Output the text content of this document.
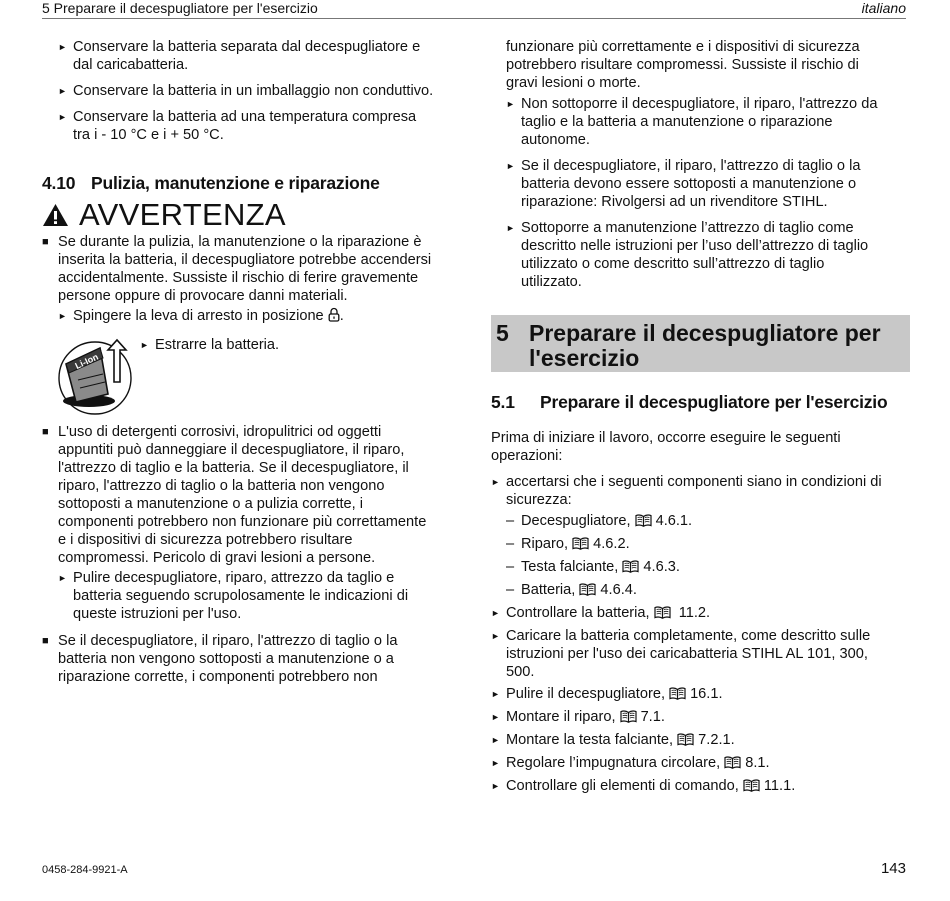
5 Preparare il decespugliatore per l'esercizio	italiano
► Conservare la batteria separata dal decespugliatore e
dal caricabatteria.
► Conservare la batteria in un imballaggio non conduttivo.
► Conservare la batteria ad una temperatura compresa
tra i - 10 °C e i + 50 °C.
4.10 Pulizia, manutenzione e riparazione
AVVERTENZA
■ Se durante la pulizia, la manutenzione o la riparazione è
inserita la batteria, il decespugliatore potrebbe accendersi
accidentalmente. Sussiste il rischio di ferire gravemente
persone oppure di provocare danni materiali.
► Spingere la leva di arresto in posizione .
Li-Ion
► Estrarre la batteria.
■ L'uso di detergenti corrosivi, idropulitrici od oggetti
appuntiti può danneggiare il decespugliatore, il riparo,
l'attrezzo di taglio e la batteria. Se il decespugliatore, il
riparo, l'attrezzo di taglio o la batteria non vengono
sottoposti a manutenzione o a pulizia corrette, i
componenti potrebbero non funzionare più correttamente
e i dispositivi di sicurezza potrebbero risultare
compromessi. Pericolo di gravi lesioni a persone.
► Pulire decespugliatore, riparo, attrezzo da taglio e
batteria seguendo scrupolosamente le indicazioni di
queste istruzioni per l'uso.
■ Se il decespugliatore, il riparo, l'attrezzo di taglio o la
batteria non vengono sottoposti a manutenzione o a
riparazione corrette, i componenti potrebbero non
funzionare più correttamente e i dispositivi di sicurezza
potrebbero risultare compromessi. Sussiste il rischio di
gravi lesioni o morte.
► Non sottoporre il decespugliatore, il riparo, l'attrezzo da
taglio e la batteria a manutenzione o riparazione
autonome.
► Se il decespugliatore, il riparo, l'attrezzo di taglio o la
batteria devono essere sottoposti a manutenzione o
riparazione: Rivolgersi ad un rivenditore STIHL.
► Sottoporre a manutenzione l’attrezzo di taglio come
descritto nelle istruzioni per l’uso dell’attrezzo di taglio
utilizzato o come descritto sull’attrezzo di taglio
utilizzato.
5 Preparare il decespugliatore per
l'esercizio
5.1 Preparare il decespugliatore per l'esercizio
Prima di iniziare il lavoro, occorre eseguire le seguenti
operazioni:
► accertarsi che i seguenti componenti siano in condizioni di
sicurezza:
– Decespugliatore, 4.6.1.
– Riparo, 4.6.2.
– Testa falciante, 4.6.3.
– Batteria, 4.6.4.
► Controllare la batteria, 11.2.
► Caricare la batteria completamente, come descritto sulle
istruzioni per l'uso dei caricabatteria STIHL AL 101, 300,
500.
► Pulire il decespugliatore, 16.1.
► Montare il riparo, 7.1.
► Montare la testa falciante, 7.2.1.
► Regolare l’impugnatura circolare, 8.1.
► Controllare gli elementi di comando, 11.1.
0458-284-9921-A	143
